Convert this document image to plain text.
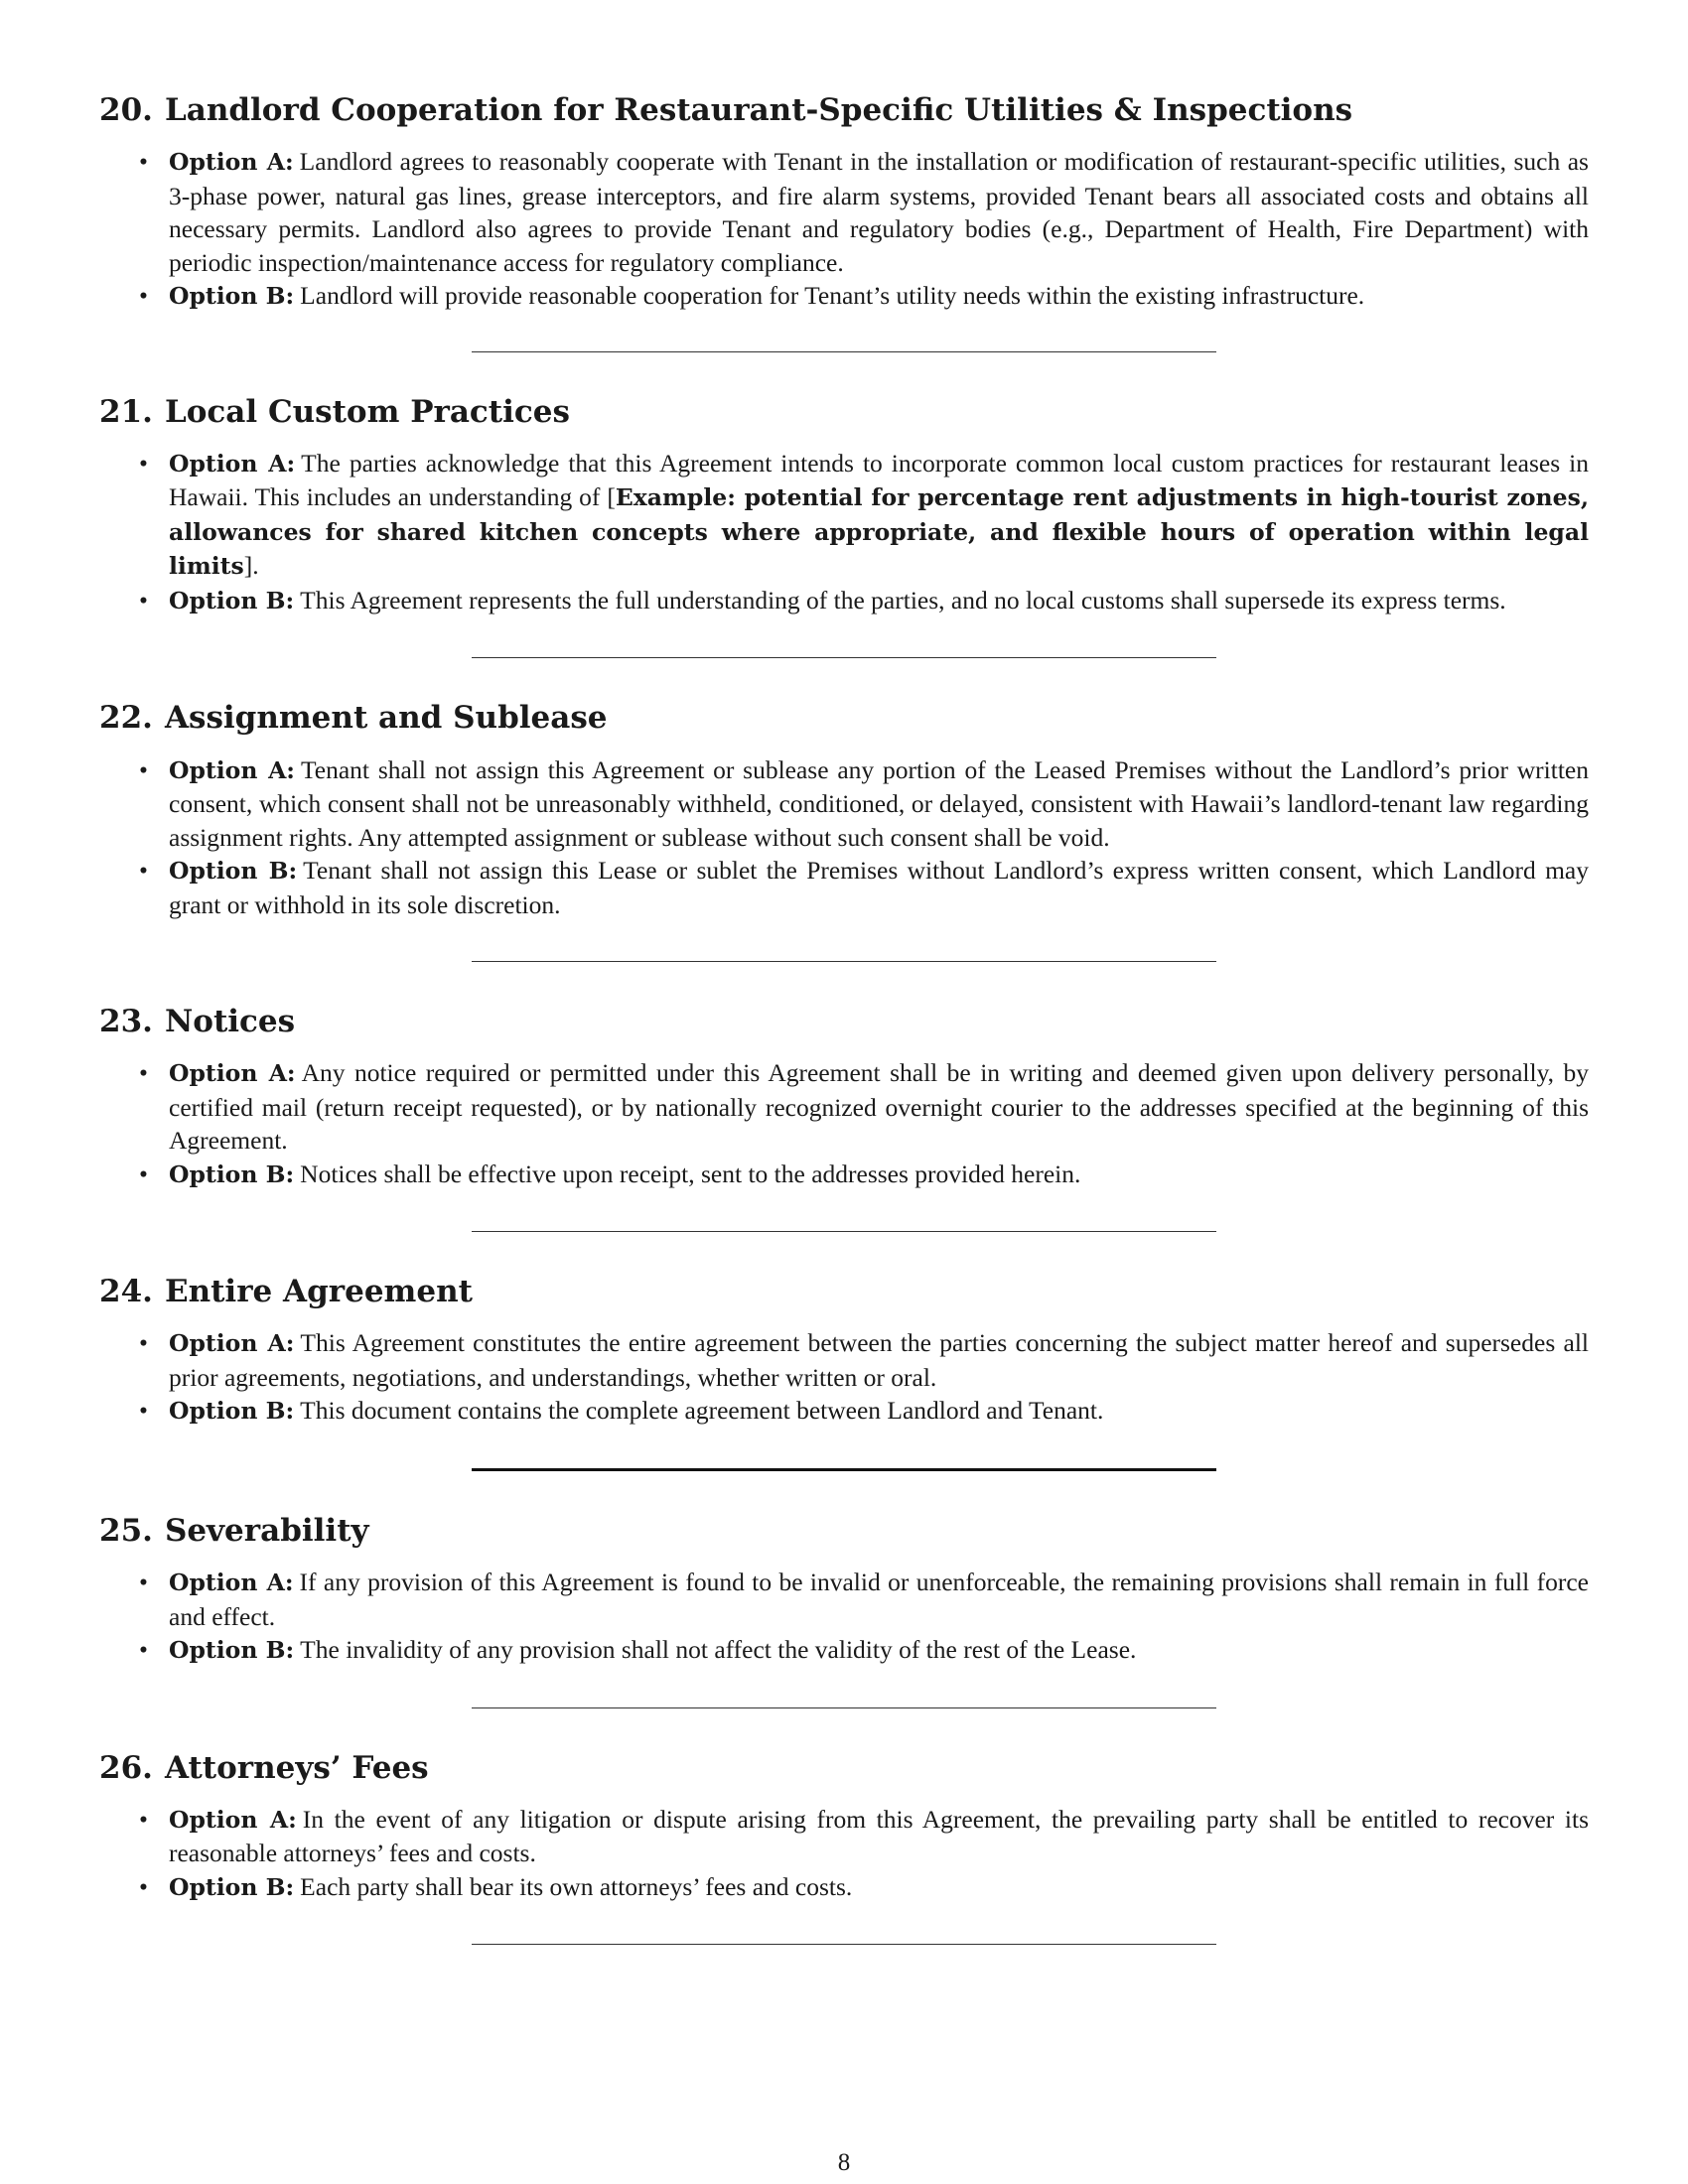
20. Landlord Cooperation for Restaurant-Specific Utilities & Inspections
• Option A: Landlord agrees to reasonably cooperate with Tenant in the installation or modification of restaurant-specific utilities, such as 3-phase power, natural gas lines, grease interceptors, and fire alarm systems, provided Tenant bears all associated costs and obtains all necessary permits. Landlord also agrees to provide Tenant and regulatory bodies (e.g., Department of Health, Fire Department) with periodic inspection/maintenance access for regulatory compliance.
• Option B: Landlord will provide reasonable cooperation for Tenant’s utility needs within the existing infrastructure.
21. Local Custom Practices
• Option A: The parties acknowledge that this Agreement intends to incorporate common local custom practices for restaurant leases in Hawaii. This includes an understanding of [Example: potential for percentage rent adjustments in high-tourist zones, allowances for shared kitchen concepts where appropriate, and flexible hours of operation within legal limits].
• Option B: This Agreement represents the full understanding of the parties, and no local customs shall supersede its express terms.
22. Assignment and Sublease
• Option A: Tenant shall not assign this Agreement or sublease any portion of the Leased Premises without the Landlord’s prior written consent, which consent shall not be unreasonably withheld, conditioned, or delayed, consistent with Hawaii’s landlord-tenant law regarding assignment rights. Any attempted assignment or sublease without such consent shall be void.
• Option B: Tenant shall not assign this Lease or sublet the Premises without Landlord’s express written consent, which Landlord may grant or withhold in its sole discretion.
23. Notices
• Option A: Any notice required or permitted under this Agreement shall be in writing and deemed given upon delivery personally, by certified mail (return receipt requested), or by nationally recognized overnight courier to the addresses specified at the beginning of this Agreement.
• Option B: Notices shall be effective upon receipt, sent to the addresses provided herein.
24. Entire Agreement
• Option A: This Agreement constitutes the entire agreement between the parties concerning the subject matter hereof and supersedes all prior agreements, negotiations, and understandings, whether written or oral.
• Option B: This document contains the complete agreement between Landlord and Tenant.
25. Severability
• Option A: If any provision of this Agreement is found to be invalid or unenforceable, the remaining provisions shall remain in full force and effect.
• Option B: The invalidity of any provision shall not affect the validity of the rest of the Lease.
26. Attorneys’ Fees
• Option A: In the event of any litigation or dispute arising from this Agreement, the prevailing party shall be entitled to recover its reasonable attorneys’ fees and costs.
• Option B: Each party shall bear its own attorneys’ fees and costs.
8
